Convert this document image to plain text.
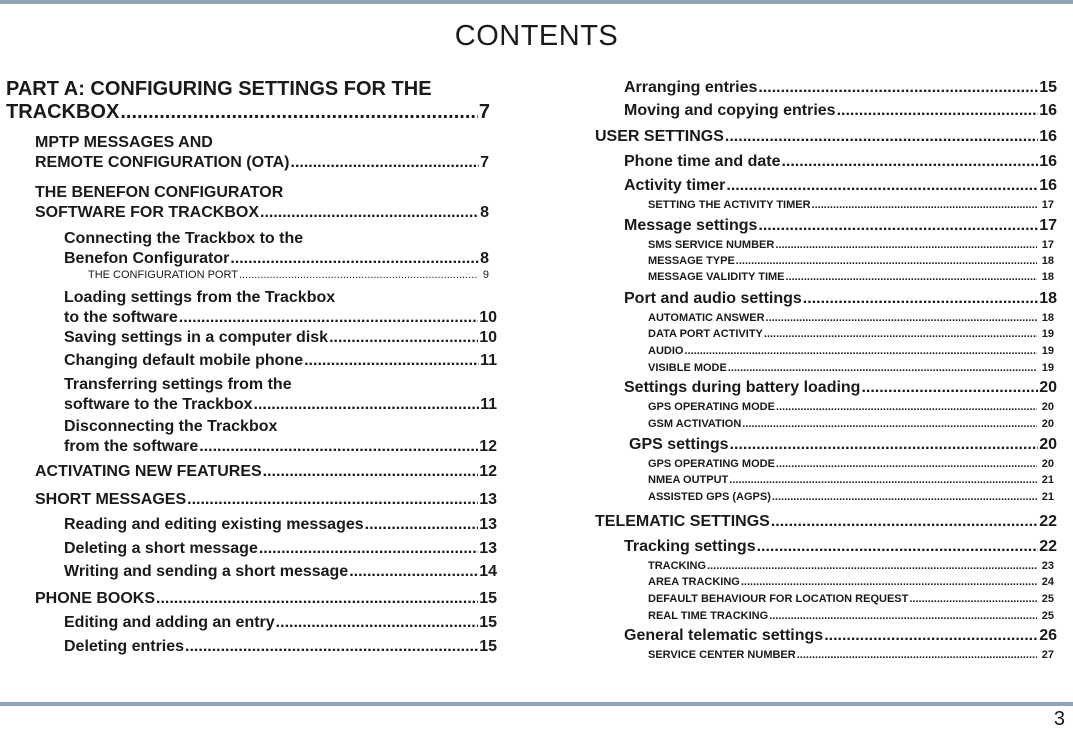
CONTENTS
PART A: CONFIGURING SETTINGS FOR THE
TRACKBOX .....	7
MPTP MESSAGES AND
REMOTE CONFIGURATION (OTA) .....	7
THE BENEFON CONFIGURATOR
SOFTWARE FOR TRACKBOX .....	8
Connecting the Trackbox to the
Benefon Configurator .....	8
THE CONFIGURATION PORT .....	9
Loading settings from the Trackbox
to the software .....	10
Saving settings in a computer disk .....	10
Changing default mobile phone .....	11
Transferring settings from the
software to the Trackbox .....	11
Disconnecting the Trackbox
from the software .....	12
ACTIVATING NEW FEATURES .....	12
SHORT MESSAGES .....	13
Reading and editing existing messages .....	13
Deleting a short message .....	13
Writing and sending a short message .....	14
PHONE BOOKS .....	15
Editing and adding an entry .....	15
Deleting entries .....	15
Arranging entries .....	15
Moving and copying entries .....	16
USER SETTINGS .....	16
Phone time and date .....	16
Activity timer .....	16
SETTING THE ACTIVITY TIMER .....	17
Message settings .....	17
SMS SERVICE NUMBER .....	17
MESSAGE TYPE .....	18
MESSAGE VALIDITY TIME .....	18
Port and audio settings .....	18
AUTOMATIC ANSWER .....	18
DATA PORT ACTIVITY .....	19
AUDIO .....	19
VISIBLE MODE .....	19
Settings during battery loading .....	20
GPS OPERATING MODE .....	20
GSM ACTIVATION .....	20
GPS settings .....	20
GPS OPERATING MODE .....	20
NMEA OUTPUT .....	21
ASSISTED GPS (AGPS) .....	21
TELEMATIC SETTINGS .....	22
Tracking settings .....	22
TRACKING .....	23
AREA TRACKING .....	24
DEFAULT BEHAVIOUR FOR LOCATION REQUEST .....	25
REAL TIME TRACKING .....	25
General telematic settings .....	26
SERVICE CENTER NUMBER .....	27
3
